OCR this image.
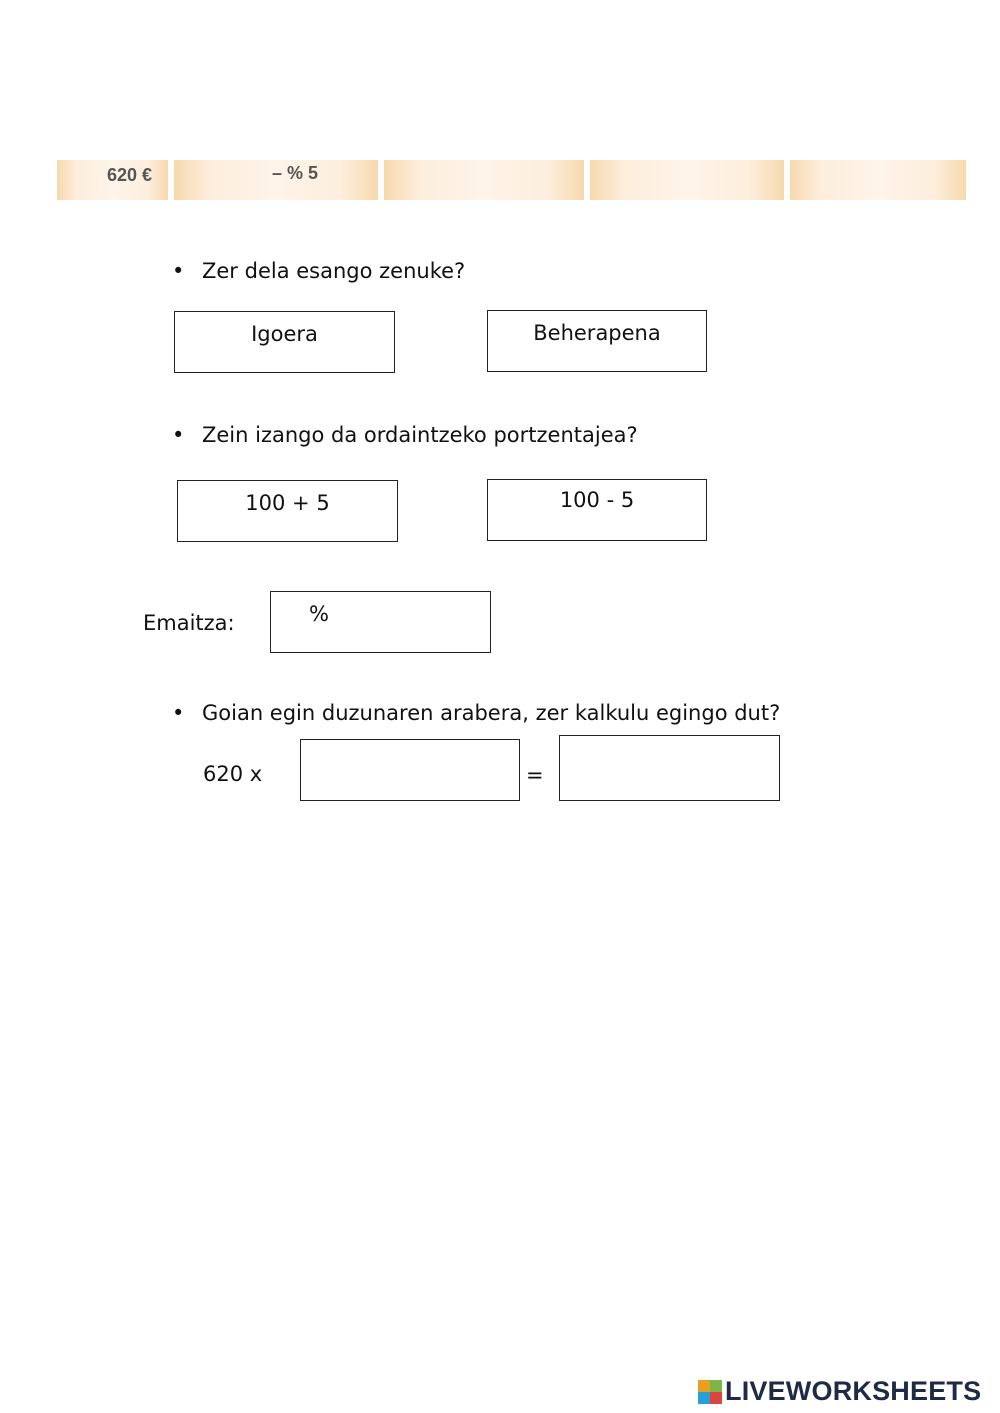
620 €	– % 5
• Zer dela esango zenuke?
Igoera	Beherapena
• Zein izango da ordaintzeko portzentajea?
100 + 5	100 - 5
Emaitza:	%
• Goian egin duzunaren arabera, zer kalkulu egingo dut?
620 x	=
LIVEWORKSHEETS
